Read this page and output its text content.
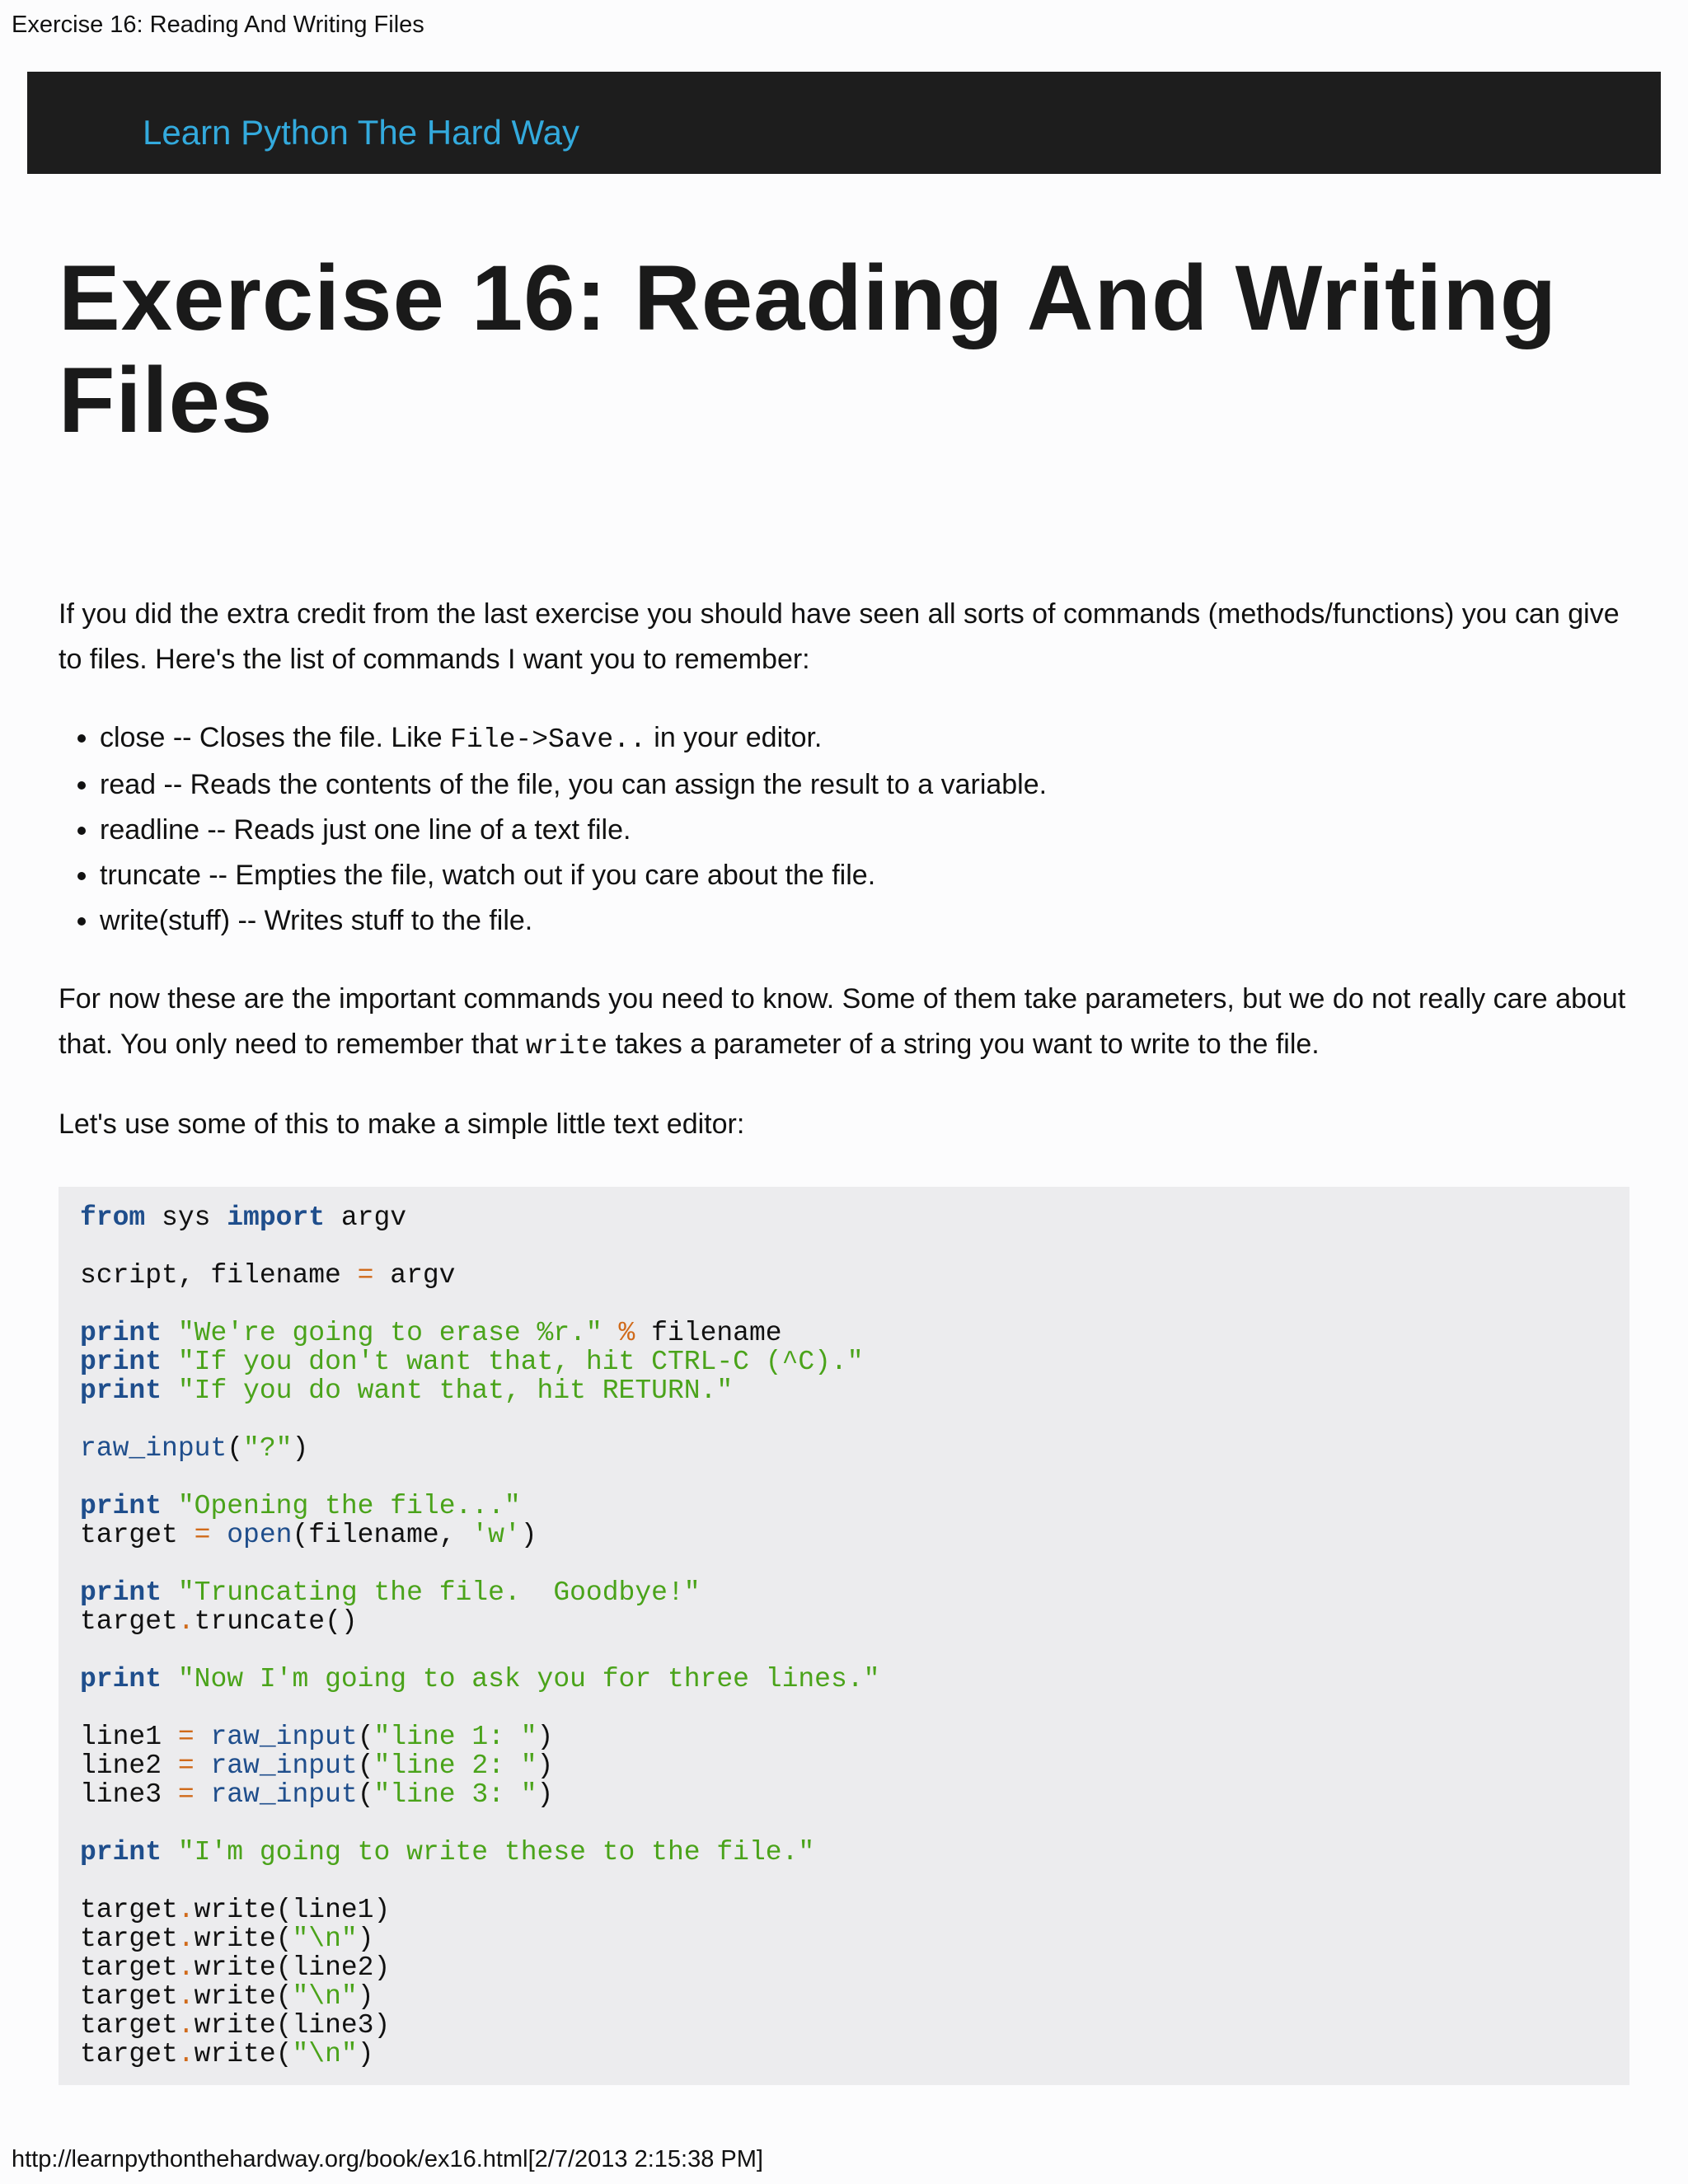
Exercise 16: Reading And Writing Files
Learn Python The Hard Way
Exercise 16: Reading And Writing Files

If you did the extra credit from the last exercise you should have seen all sorts of commands (methods/functions) you can give to files. Here's the list of commands I want you to remember:

• close -- Closes the file. Like File->Save.. in your editor.
• read -- Reads the contents of the file, you can assign the result to a variable.
• readline -- Reads just one line of a text file.
• truncate -- Empties the file, watch out if you care about the file.
• write(stuff) -- Writes stuff to the file.

For now these are the important commands you need to know. Some of them take parameters, but we do not really care about that. You only need to remember that write takes a parameter of a string you want to write to the file.

Let's use some of this to make a simple little text editor:

from sys import argv
script, filename = argv
print "We're going to erase %r." % filename
print "If you don't want that, hit CTRL-C (^C)."
print "If you do want that, hit RETURN."
raw_input("?")
print "Opening the file..."
target = open(filename, 'w')
print "Truncating the file.  Goodbye!"
target.truncate()
print "Now I'm going to ask you for three lines."
line1 = raw_input("line 1: ")
line2 = raw_input("line 2: ")
line3 = raw_input("line 3: ")
print "I'm going to write these to the file."
target.write(line1)
target.write("\n")
target.write(line2)
target.write("\n")
target.write(line3)
target.write("\n")
http://learnpythonthehardway.org/book/ex16.html[2/7/2013 2:15:38 PM]
